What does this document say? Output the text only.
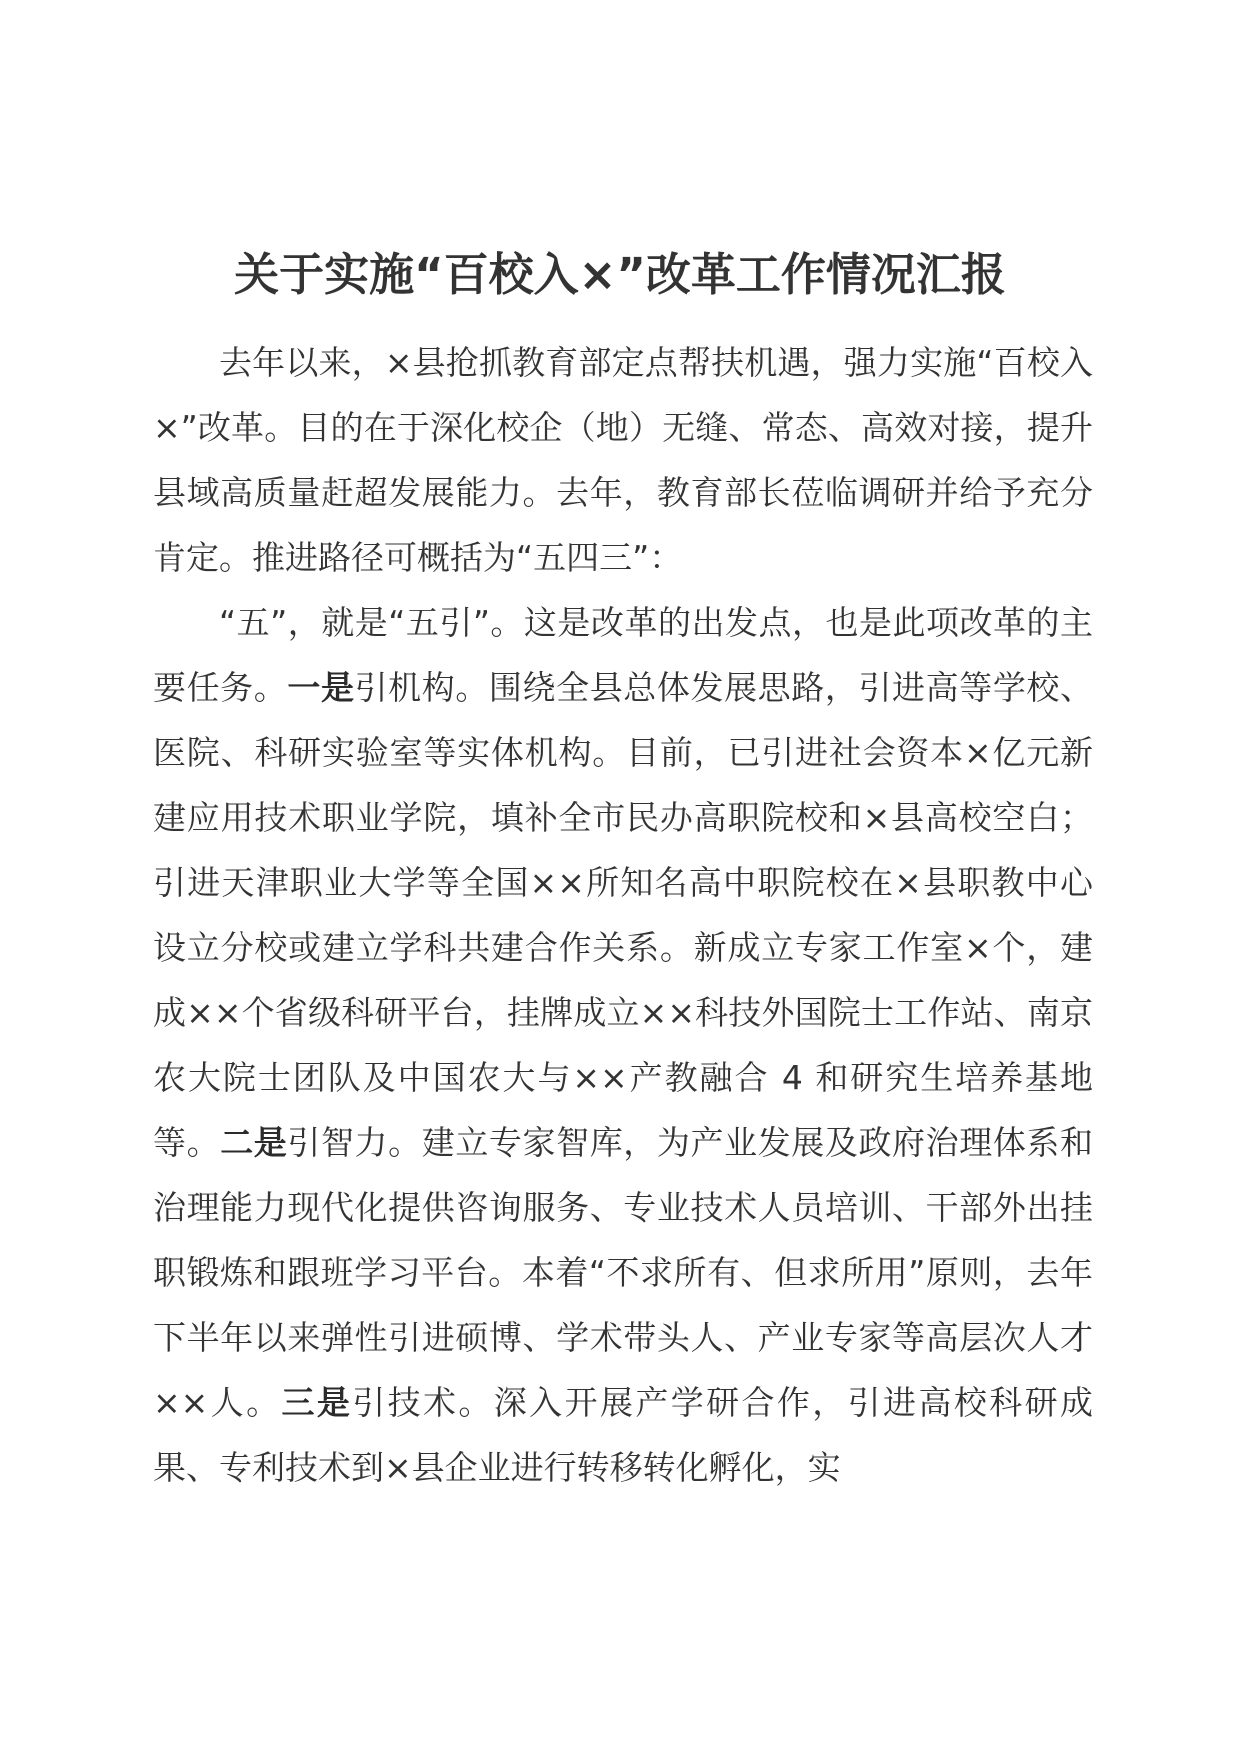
关于实施“百校入×”改革工作情况汇报

去年以来，×县抢抓教育部定点帮扶机遇，强力实施“百校入×”改革。目的在于深化校企（地）无缝、常态、高效对接，提升县域高质量赶超发展能力。去年，教育部长莅临调研并给予充分肯定。推进路径可概括为“五四三”：

“五”，就是“五引”。这是改革的出发点，也是此项改革的主要任务。一是引机构。围绕全县总体发展思路，引进高等学校、医院、科研实验室等实体机构。目前，已引进社会资本×亿元新建应用技术职业学院，填补全市民办高职院校和×县高校空白；引进天津职业大学等全国××所知名高中职院校在×县职教中心设立分校或建立学科共建合作关系。新成立专家工作室×个，建成××个省级科研平台，挂牌成立××科技外国院士工作站、南京农大院士团队及中国农大与××产教融合 4 和研究生培养基地等。二是引智力。建立专家智库，为产业发展及政府治理体系和治理能力现代化提供咨询服务、专业技术人员培训、干部外出挂职锻炼和跟班学习平台。本着“不求所有、但求所用”原则，去年下半年以来弹性引进硕博、学术带头人、产业专家等高层次人才××人。三是引技术。深入开展产学研合作，引进高校科研成果、专利技术到×县企业进行转移转化孵化，实
